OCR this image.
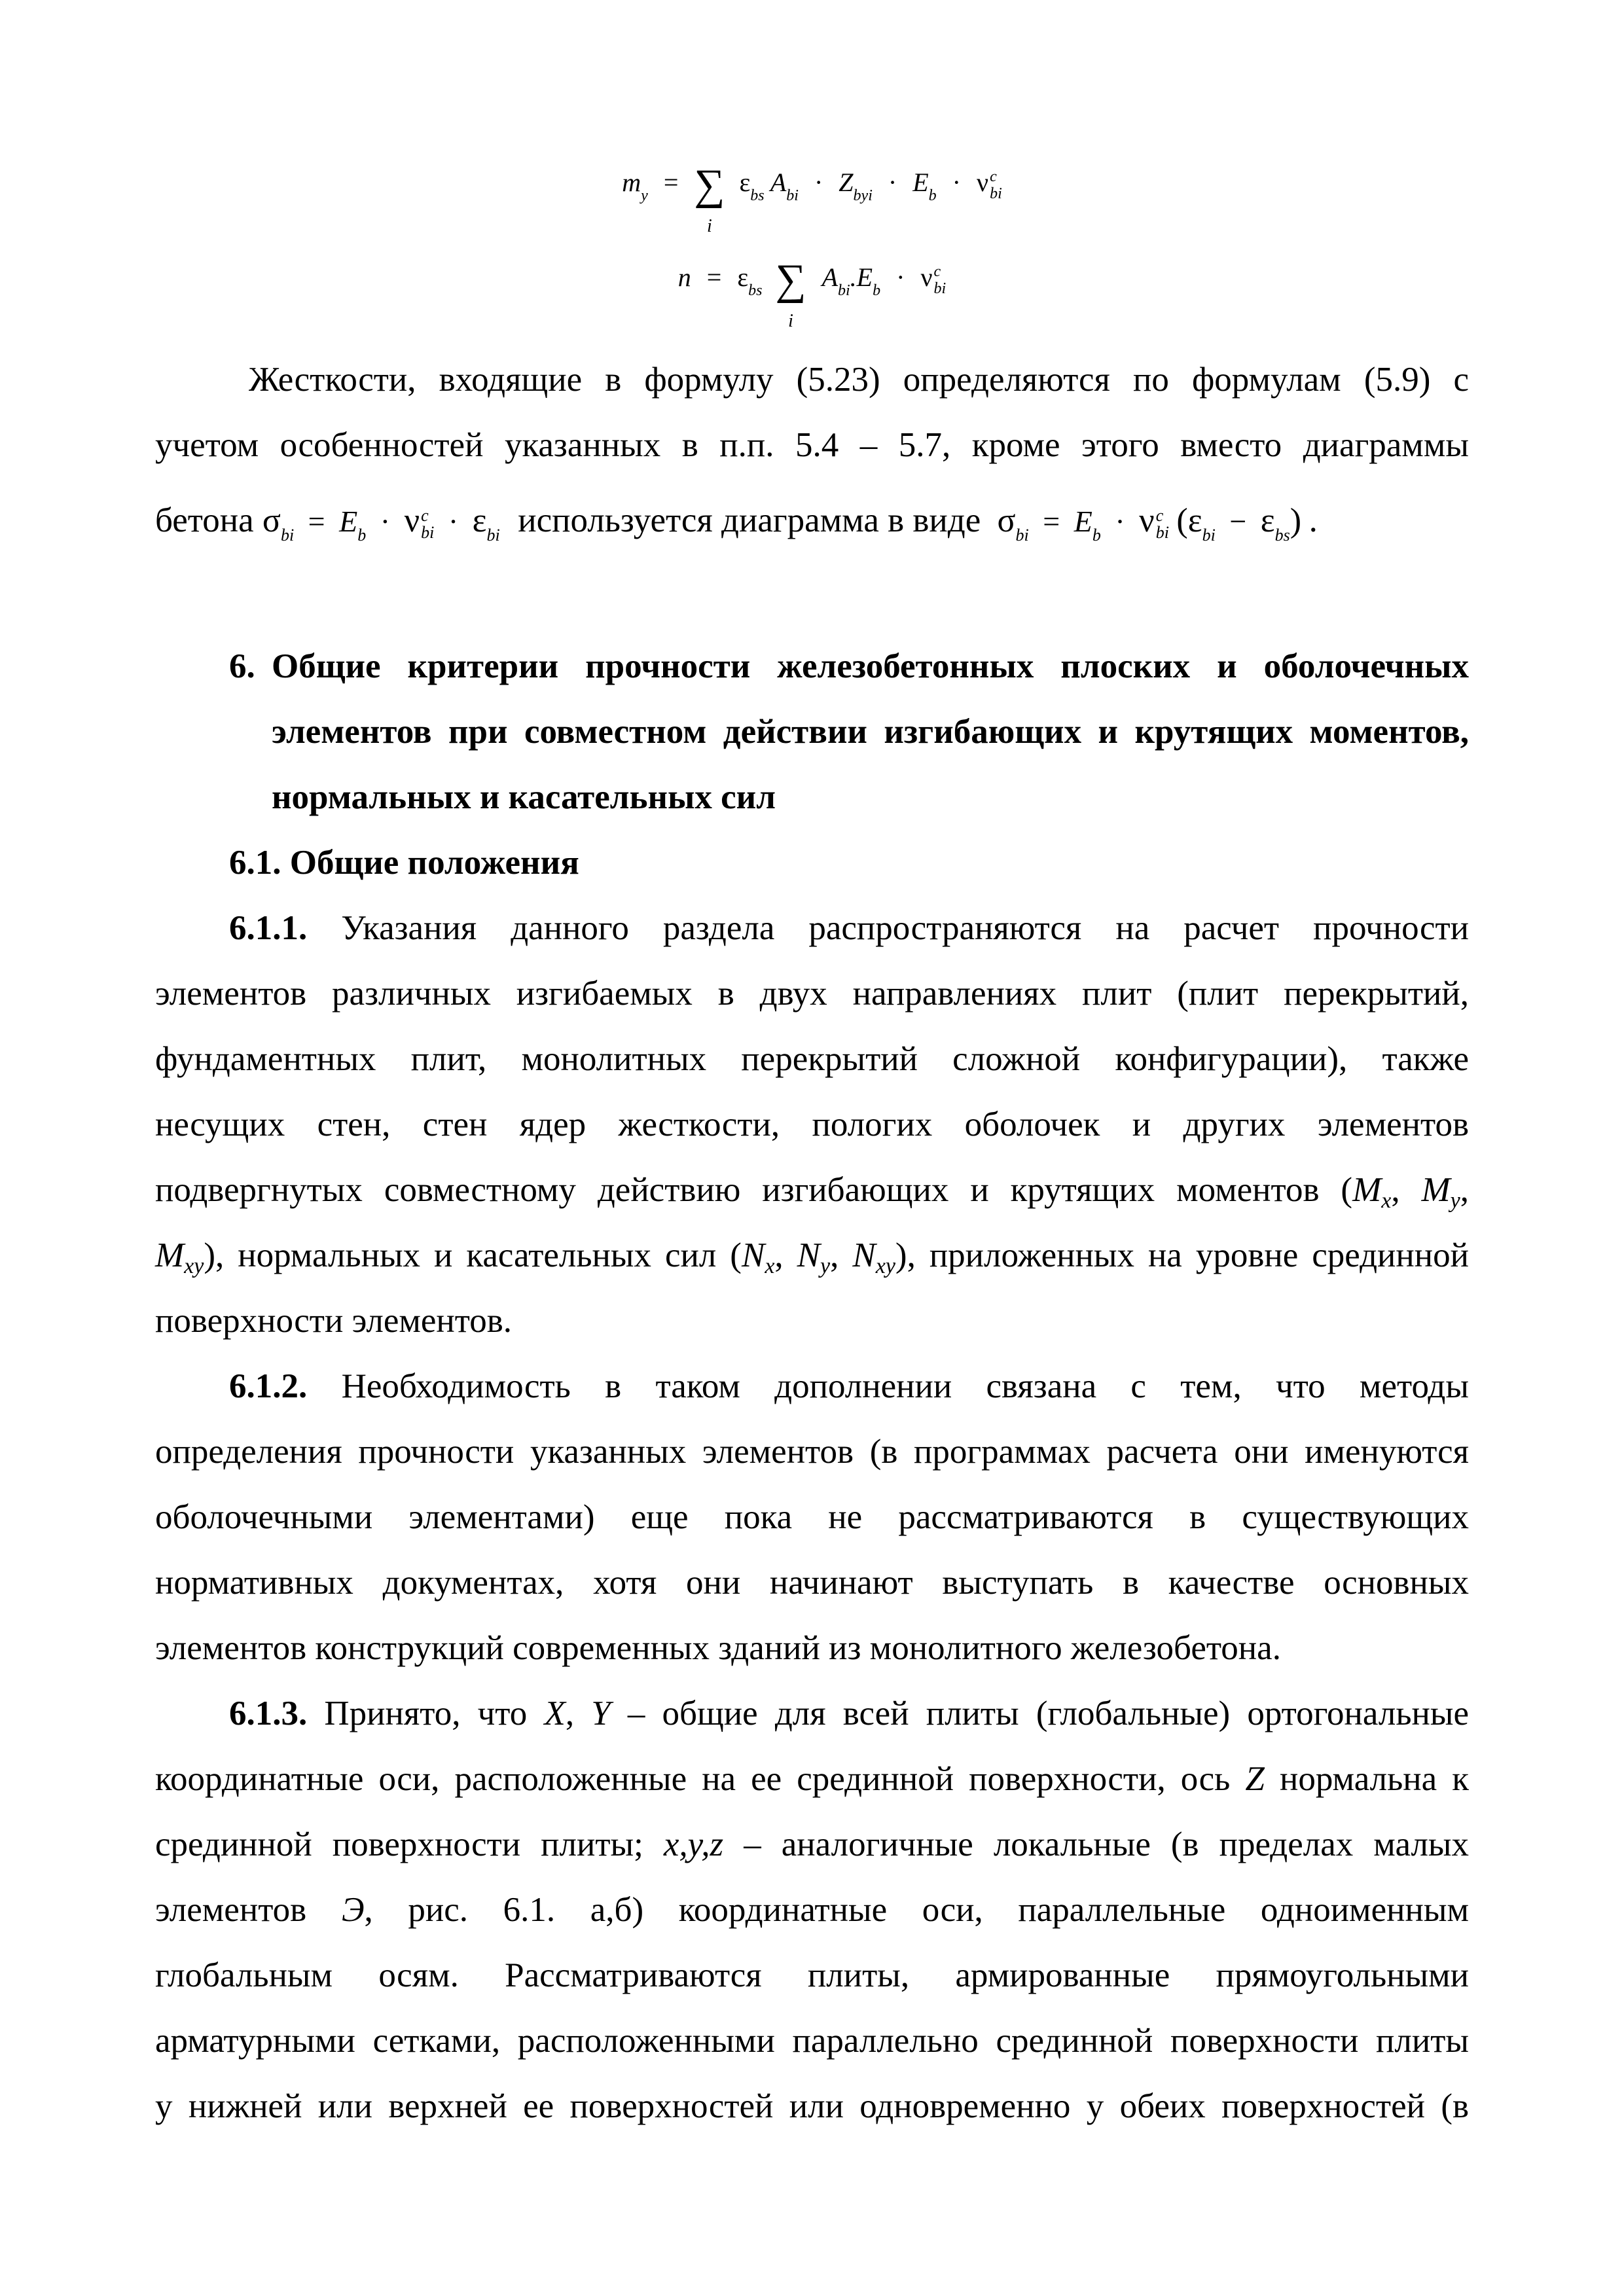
$m_y$ = ∑
i
$\varepsilon_{bs}$ $A_{bi} \cdot Z_{byi} \cdot E_b \cdot \nu$ c
bi
$n = \varepsilon_{bs}$ ∑
i
$A_{bi}.E_b \cdot \nu$ c
bi
Жесткости, входящие в формулу (5.23) определяются по формулам (5.9) с
учетом особенностей указанных в п.п. 5.4 – 5.7, кроме этого вместо диаграммы
бетона $\sigma_{bi} = E_b \cdot \nu$ c
bi · $\varepsilon_{bi}$ используется диаграмма в виде $\sigma_{bi} = E_b \cdot \nu$ c
bi $(\varepsilon_{bi} - \varepsilon_{bs})$ .
6. Общие критерии прочности железобетонных плоских и оболочечных
элементов при совместном действии изгибающих и крутящих моментов,
нормальных и касательных сил
6.1. Общие положения
6.1.1. Указания данного раздела распространяются на расчет прочности
элементов различных изгибаемых в двух направлениях плит (плит перекрытий,
фундаментных плит, монолитных перекрытий сложной конфигурации), также
несущих стен, стен ядер жесткости, пологих оболочек и других элементов
подвергнутых совместному действию изгибающих и крутящих моментов (Mx, My,
Mxy), нормальных и касательных сил (Nx, Ny, Nxy), приложенных на уровне срединной
поверхности элементов.
6.1.2. Необходимость в таком дополнении связана с тем, что методы
определения прочности указанных элементов (в программах расчета они именуются
оболочечными элементами) еще пока не рассматриваются в существующих
нормативных документах, хотя они начинают выступать в качестве основных
элементов конструкций современных зданий из монолитного железобетона.
6.1.3. Принято, что X, Y – общие для всей плиты (глобальные) ортогональные
координатные оси, расположенные на ее срединной поверхности, ось Z нормальна к
срединной поверхности плиты; x,y,z – аналогичные локальные (в пределах малых
элементов Э, рис. 6.1. а,б) координатные оси, параллельные одноименным
глобальным осям. Рассматриваются плиты, армированные прямоугольными
арматурными сетками, расположенными параллельно срединной поверхности плиты
у нижней или верхней ее поверхностей или одновременно у обеих поверхностей (в
